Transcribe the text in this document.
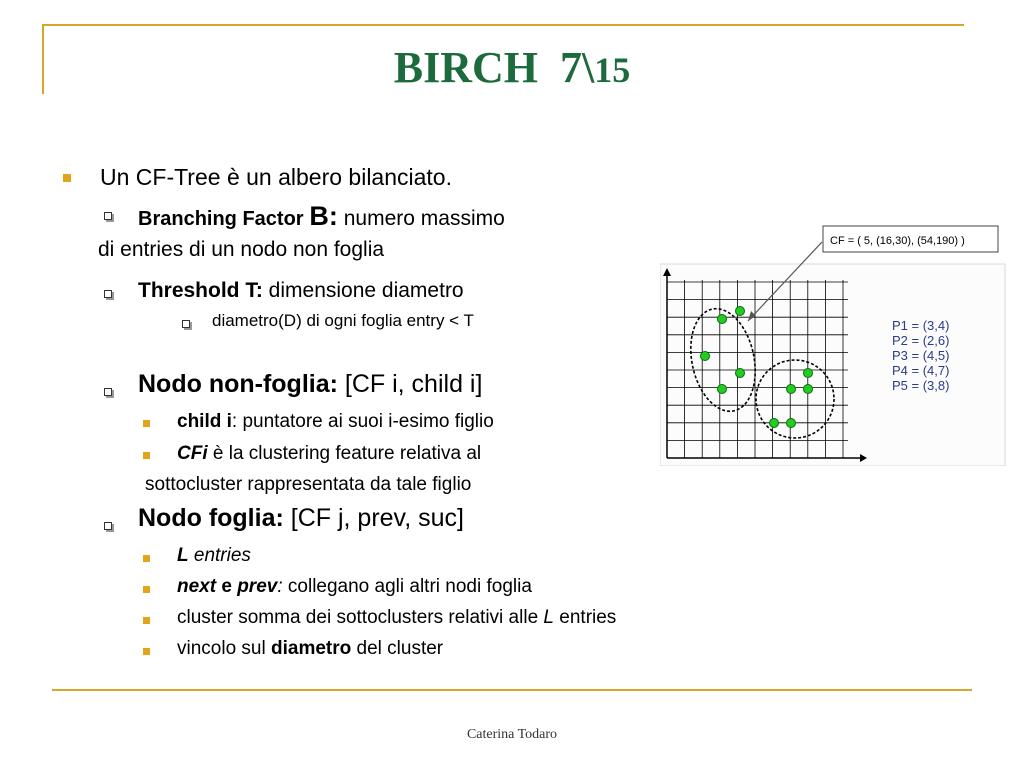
BIRCH 7\15
Un CF-Tree è un albero bilanciato.
Branching Factor B: numero massimo
di entries di un nodo non foglia
Threshold T: dimensione diametro
diametro(D) di ogni foglia entry < T
Nodo non-foglia: [CF i, child i]
child i: puntatore ai suoi i-esimo figlio
CFi è la clustering feature relativa al
sottocluster rappresentata da tale figlio
Nodo foglia: [CF j, prev, suc]
L entries
next e prev: collegano agli altri nodi foglia
cluster somma dei sottoclusters relativi alle L entries
vincolo sul diametro del cluster
CF = ( 5, (16,30), (54,190) )
P1 = (3,4)
P2 = (2,6)
P3 = (4,5)
P4 = (4,7)
P5 = (3,8)
Caterina Todaro
